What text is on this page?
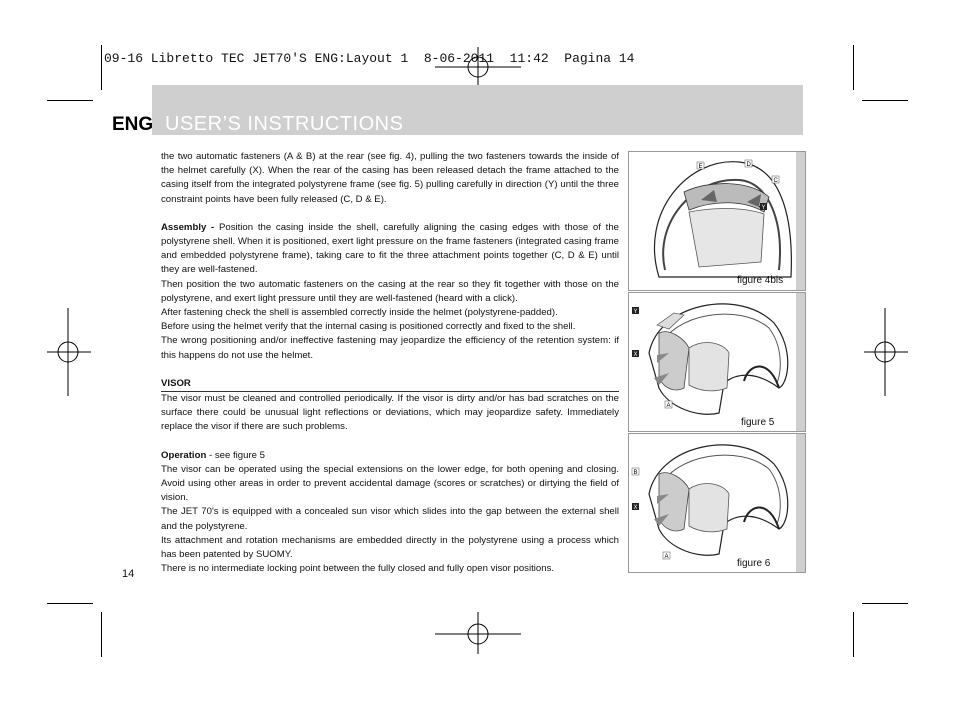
09-16 Libretto TEC JET70'S ENG:Layout 1  8-06-2011  11:42  Pagina 14
ENG USER’S INSTRUCTIONS

the two automatic fasteners (A & B) at the rear (see fig. 4), pulling the two fasteners towards the inside of the helmet carefully (X). When the rear of the casing has been released detach the frame attached to the casing itself from the integrated polystyrene frame (see fig. 5) pulling carefully in direction (Y) until the three constraint points have been fully released (C, D & E).

Assembly - Position the casing inside the shell, carefully aligning the casing edges with those of the polystyrene shell. When it is positioned, exert light pressure on the frame fasteners (integrated casing frame and embedded polystyrene frame), taking care to fit the three attachment points together (C, D & E) until they are well-fastened.

Then position the two automatic fasteners on the casing at the rear so they fit together with those on the polystyrene, and exert light pressure until they are well-fastened (heard with a click).

After fastening check the shell is assembled correctly inside the helmet (polystyrene-padded).

Before using the helmet verify that the internal casing is positioned correctly and fixed to the shell.

The wrong positioning and/or ineffective fastening may jeopardize the efficiency of the retention system: if this happens do not use the helmet.

VISOR

The visor must be cleaned and controlled periodically. If the visor is dirty and/or has bad scratches on the surface there could be unusual light reflections or deviations, which may jeopardize safety. Immediately replace the visor if there are such problems.

Operation - see figure 5

The visor can be operated using the special extensions on the lower edge, for both opening and closing. Avoid using other areas in order to prevent accidental damage (scores or scratches) or dirtying the field of vision.

The JET 70's is equipped with a concealed sun visor which slides into the gap between the external shell and the polystyrene.

Its attachment and rotation mechanisms are embedded directly in the polystyrene using a process which has been patented by SUOMY.

There is no intermediate locking point between the fully closed and fully open visor positions.

14
E	D
C
Y
figure 4bis
Y
X
A
figure 5
B
X
A
figure 6
